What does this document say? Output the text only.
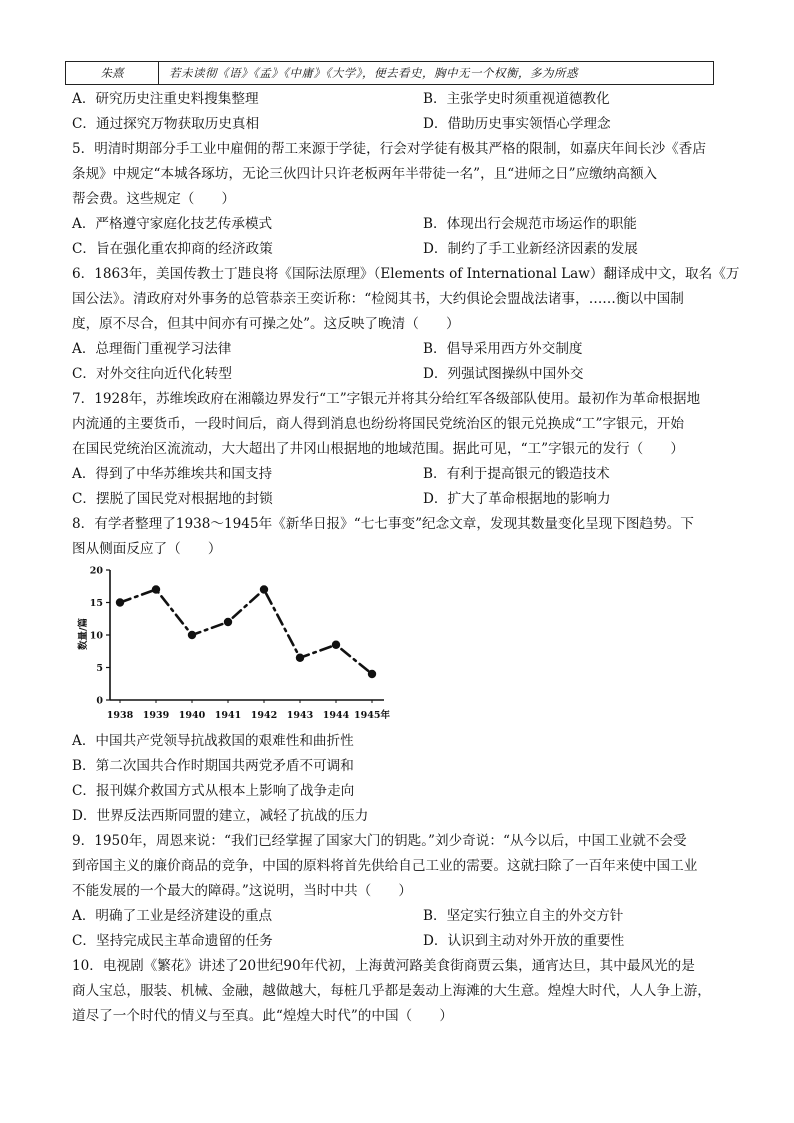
朱熹	若未读彻《语》《孟》《中庸》《大学》，便去看史，胸中无一个权衡，多为所惑
A．研究历史注重史料搜集整理	B．主张学史时须重视道德教化
C．通过探究万物获取历史真相	D．借助历史事实领悟心学理念
5．明清时期部分手工业中雇佣的帮工来源于学徒，行会对学徒有极其严格的限制，如嘉庆年间长沙《香店
条规》中规定“本城各琢坊，无论三伙四计只许老板两年半带徒一名”，且“进师之日”应缴纳高额入
帮会费。这些规定（　　）
A．严格遵守家庭化技艺传承模式	B．体现出行会规范市场运作的职能
C．旨在强化重农抑商的经济政策	D．制约了手工业新经济因素的发展
6．1863年，美国传教士丁韪良将《国际法原理》（Elements of International Law）翻译成中文，取名《万
国公法》。清政府对外事务的总管恭亲王奕䜣称：“检阅其书，大约俱论会盟战法诸事，……衡以中国制
度，原不尽合，但其中间亦有可操之处”。这反映了晚清（　　）
A．总理衙门重视学习法律	B．倡导采用西方外交制度
C．对外交往向近代化转型	D．列强试图操纵中国外交
7．1928年，苏维埃政府在湘赣边界发行“工”字银元并将其分给红军各级部队使用。最初作为革命根据地
内流通的主要货币，一段时间后，商人得到消息也纷纷将国民党统治区的银元兑换成“工”字银元，开始
在国民党统治区流流动，大大超出了井冈山根据地的地域范围。据此可见，“工”字银元的发行（　　）
A．得到了中华苏维埃共和国支持	B．有利于提高银元的锻造技术
C．摆脱了国民党对根据地的封锁	D．扩大了革命根据地的影响力
8．有学者整理了1938～1945年《新华日报》“七七事变”纪念文章，发现其数量变化呈现下图趋势。下
图从侧面反应了（　　）
0
5
10
15
20
数量/篇
1938 1939 1940 1941 1942 1943 1944 1945年
A．中国共产党领导抗战救国的艰难性和曲折性
B．第二次国共合作时期国共两党矛盾不可调和
C．报刊媒介救国方式从根本上影响了战争走向
D．世界反法西斯同盟的建立，减轻了抗战的压力
9．1950年，周恩来说：“我们已经掌握了国家大门的钥匙。”刘少奇说：“从今以后，中国工业就不会受
到帝国主义的廉价商品的竞争，中国的原料将首先供给自己工业的需要。这就扫除了一百年来使中国工业
不能发展的一个最大的障碍。”这说明，当时中共（　　）
A．明确了工业是经济建设的重点	B．坚定实行独立自主的外交方针
C．坚持完成民主革命遗留的任务	D．认识到主动对外开放的重要性
10．电视剧《繁花》讲述了20世纪90年代初，上海黄河路美食街商贾云集，通宵达旦，其中最风光的是
商人宝总，服装、机械、金融，越做越大，每桩几乎都是轰动上海滩的大生意。煌煌大时代，人人争上游，
道尽了一个时代的情义与至真。此“煌煌大时代”的中国（　　）
